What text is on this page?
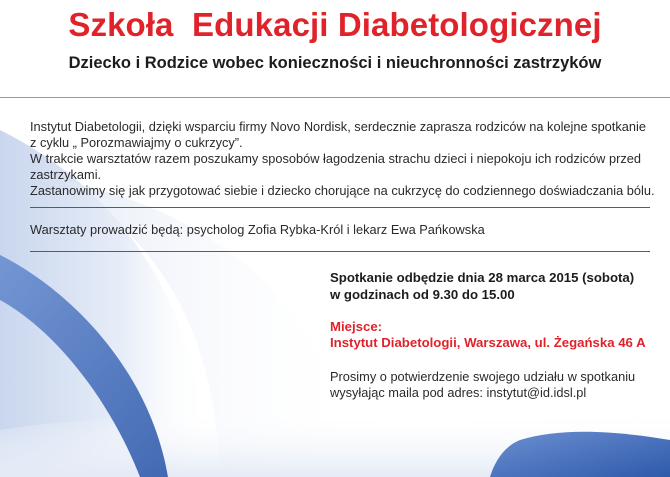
Szkoła  Edukacji Diabetologicznej
Dziecko i Rodzice wobec konieczności i nieuchronności zastrzyków

Instytut Diabetologii, dzięki wsparciu firmy Novo Nordisk, serdecznie zaprasza rodziców na kolejne spotkanie z cyklu „ Porozmawiajmy o cukrzycy”.

W trakcie warsztatów razem poszukamy sposobów łagodzenia strachu dzieci i niepokoju ich rodziców przed zastrzykami.

Zastanowimy się jak przygotować siebie i dziecko chorujące na cukrzycę do codziennego doświadczania bólu.

Warsztaty prowadzić będą: psycholog Zofia Rybka-Król i lekarz Ewa Pańkowska
Spotkanie odbędzie dnia 28 marca 2015 (sobota)
w godzinach od 9.30 do 15.00
Miejsce:
Instytut Diabetologii, Warszawa, ul. Żegańska 46 A
Prosimy o potwierdzenie swojego udziału w spotkaniu
wysyłając maila pod adres: instytut@id.idsl.pl
